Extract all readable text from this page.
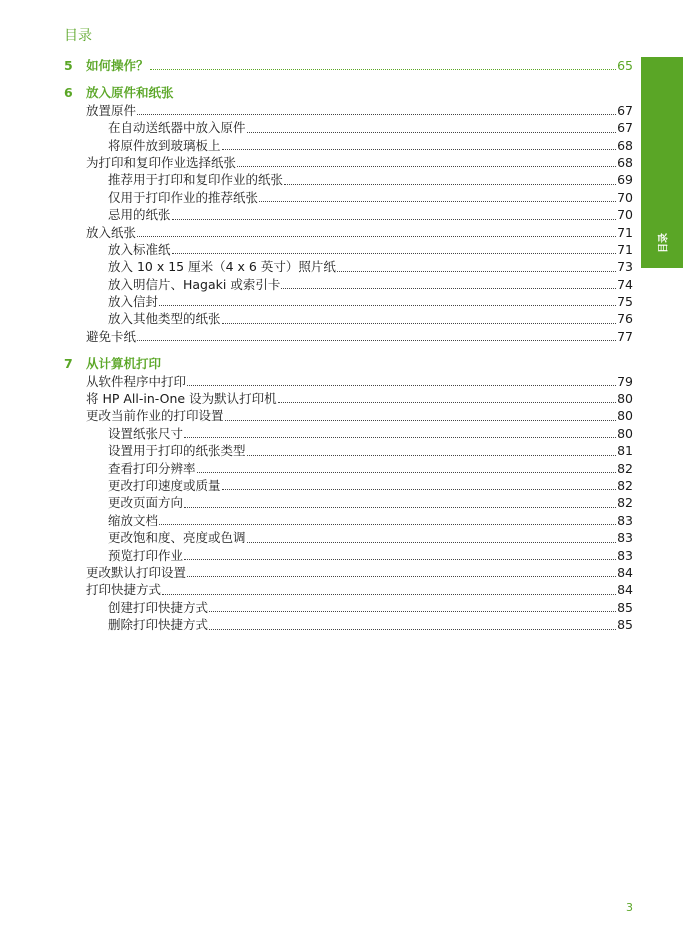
目录
目录
5	如何操作？	65
6	放入原件和纸张
放置原件	67
在自动送纸器中放入原件	67
将原件放到玻璃板上	68
为打印和复印作业选择纸张	68
推荐用于打印和复印作业的纸张	69
仅用于打印作业的推荐纸张	70
忌用的纸张	70
放入纸张	71
放入标准纸	71
放入 10 x 15 厘米（4 x 6 英寸）照片纸	73
放入明信片、Hagaki 或索引卡	74
放入信封	75
放入其他类型的纸张	76
避免卡纸	77
7	从计算机打印
从软件程序中打印	79
将 HP All-in-One 设为默认打印机	80
更改当前作业的打印设置	80
设置纸张尺寸	80
设置用于打印的纸张类型	81
查看打印分辨率	82
更改打印速度或质量	82
更改页面方向	82
缩放文档	83
更改饱和度、亮度或色调	83
预览打印作业	83
更改默认打印设置	84
打印快捷方式	84
创建打印快捷方式	85
删除打印快捷方式	85
3
